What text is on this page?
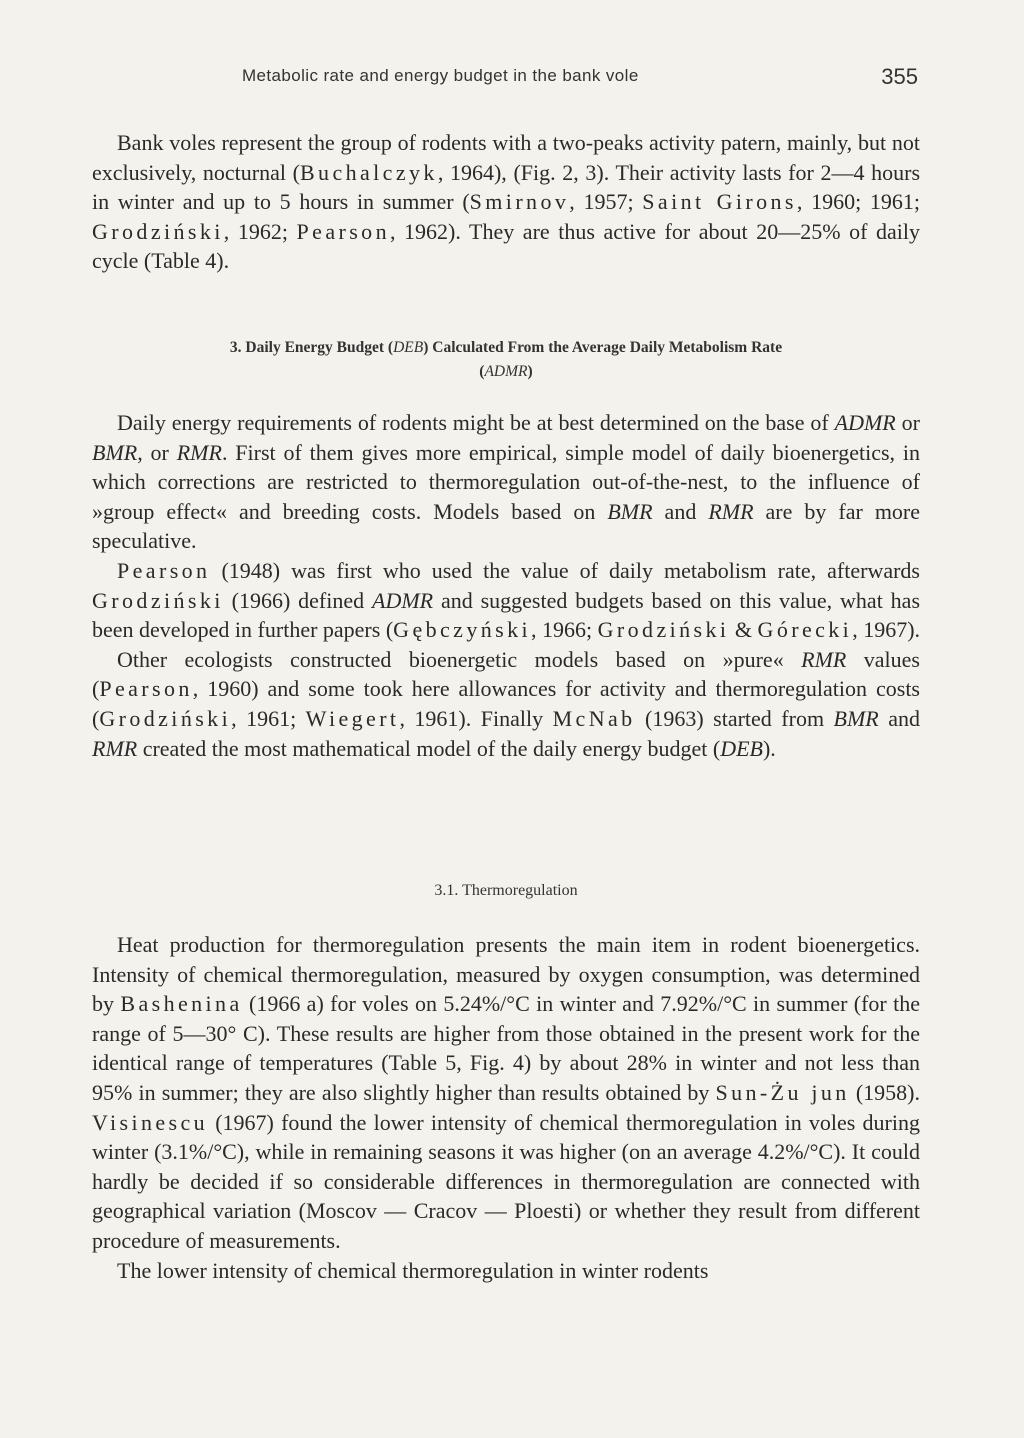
Metabolic rate and energy budget in the bank vole	355

Bank voles represent the group of rodents with a two-peaks activity patern, mainly, but not exclusively, nocturnal (Buchalczyk, 1964), (Fig. 2, 3). Their activity lasts for 2—4 hours in winter and up to 5 hours in summer (Smirnov, 1957; Saint Girons, 1960; 1961; Grodziński, 1962; Pearson, 1962). They are thus active for about 20—25% of daily cycle (Table 4).

3. Daily Energy Budget (DEB) Calculated From the Average Daily Metabolism Rate
(ADMR)

Daily energy requirements of rodents might be at best determined on the base of ADMR or BMR, or RMR. First of them gives more empirical, simple model of daily bioenergetics, in which corrections are restricted to thermoregulation out-of-the-nest, to the influence of »group effect« and breeding costs. Models based on BMR and RMR are by far more speculative.

Pearson (1948) was first who used the value of daily metabolism rate, afterwards Grodziński (1966) defined ADMR and suggested budgets based on this value, what has been developed in further papers (Gębczyński, 1966; Grodziński & Górecki, 1967).

Other ecologists constructed bioenergetic models based on »pure« RMR values (Pearson, 1960) and some took here allowances for activity and thermoregulation costs (Grodziński, 1961; Wiegert, 1961). Finally McNab (1963) started from BMR and RMR created the most mathematical model of the daily energy budget (DEB).

3.1. Thermoregulation

Heat production for thermoregulation presents the main item in rodent bioenergetics. Intensity of chemical thermoregulation, measured by oxygen consumption, was determined by Bashenina (1966 a) for voles on 5.24%/°C in winter and 7.92%/°C in summer (for the range of 5—30° C). These results are higher from those obtained in the present work for the identical range of temperatures (Table 5, Fig. 4) by about 28% in winter and not less than 95% in summer; they are also slightly higher than results obtained by Sun-Żu jun (1958). Visinescu (1967) found the lower intensity of chemical thermoregulation in voles during winter (3.1%/°C), while in remaining seasons it was higher (on an average 4.2%/°C). It could hardly be decided if so considerable differences in thermoregulation are connected with geographical variation (Moscov — Cracov — Ploesti) or whether they result from different procedure of measurements.

The lower intensity of chemical thermoregulation in winter rodents
